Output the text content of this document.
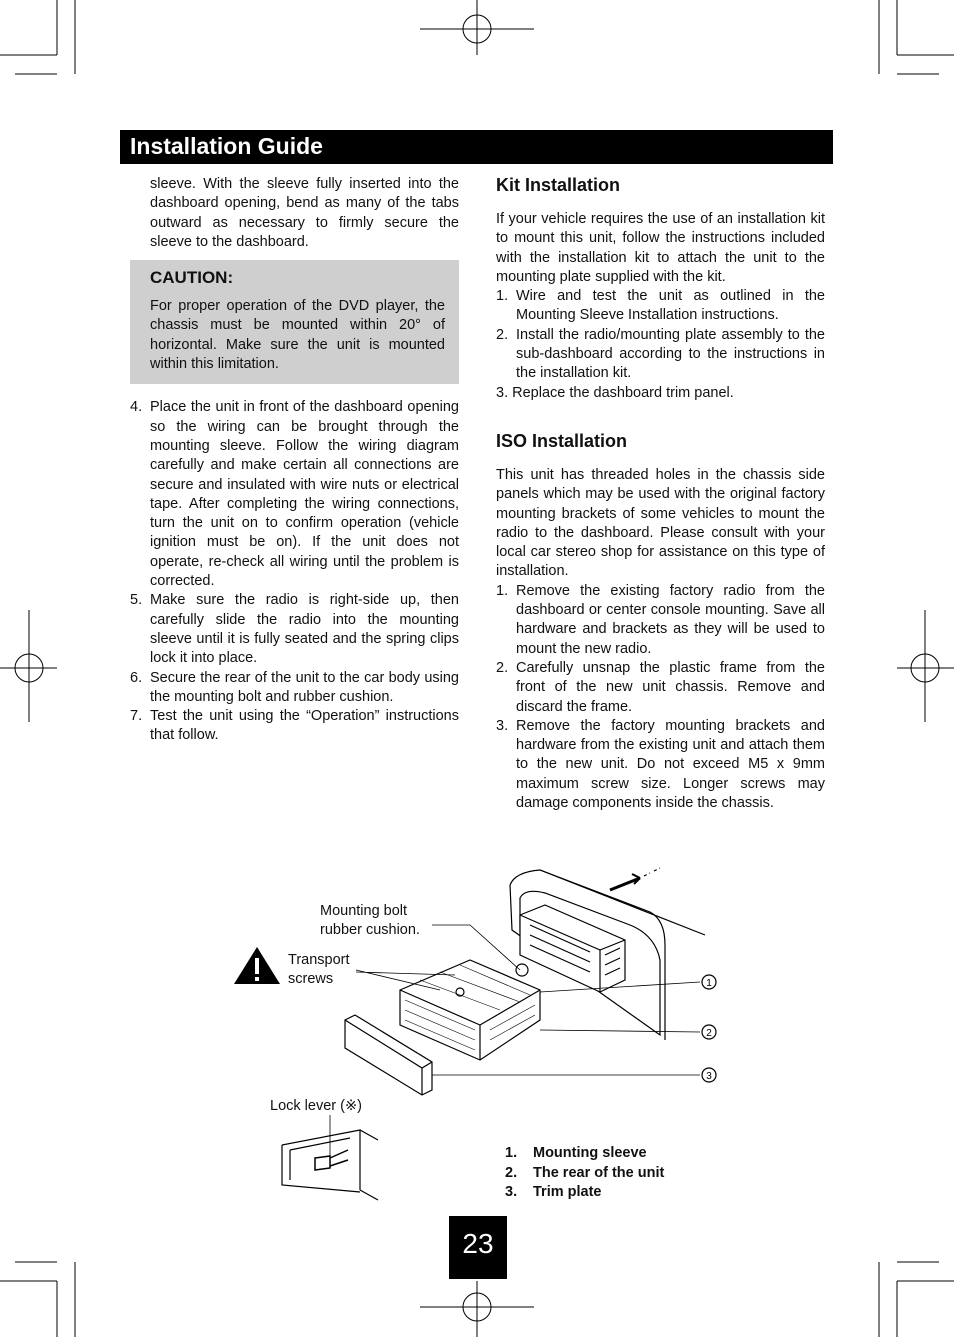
Installation Guide

sleeve. With the sleeve fully inserted into the dashboard opening, bend as many of the tabs outward as necessary to firmly secure the sleeve to the dashboard.

CAUTION:

For proper operation of the DVD player, the chassis must be mounted within 20° of horizontal. Make sure the unit is mounted within this limitation.

4. Place the unit in front of the dashboard opening so the wiring can be brought through the mounting sleeve. Follow the wiring diagram carefully and make certain all connections are secure and insulated with wire nuts or electrical tape. After completing the wiring connections, turn the unit on to confirm operation (vehicle ignition must be on). If the unit does not operate, re-check all wiring until the problem is corrected.
5. Make sure the radio is right-side up, then carefully slide the radio into the mounting sleeve until it is fully seated and the spring clips lock it into place.
6. Secure the rear of the unit to the car body using the mounting bolt and rubber cushion.
7. Test the unit using the “Operation” instructions that follow.
Kit Installation

If your vehicle requires the use of an installation kit to mount this unit, follow the instructions included with the installation kit to attach the unit to the mounting plate supplied with the kit.

1. Wire and test the unit as outlined in the Mounting Sleeve Installation instructions.
2. Install the radio/mounting plate assembly to the sub-dashboard according to the instructions in the installation kit.
3. Replace the dashboard trim panel.
ISO Installation

This unit has threaded holes in the chassis side panels which may be used with the original factory mounting brackets of some vehicles to mount the radio to the dashboard. Please consult with your local car stereo shop for assistance on this type of installation.

1. Remove the existing factory radio from the dashboard or center console mounting. Save all hardware and brackets as they will be used to mount the new radio.
2. Carefully unsnap the plastic frame from the front of the new unit chassis. Remove and discard the frame.
3. Remove the factory mounting brackets and hardware from the existing unit and attach them to the new unit. Do not exceed M5 x 9mm maximum screw size. Longer screws may damage components inside the chassis.
1
2
3
Mounting bolt
rubber cushion.
Transport
screws
Lock lever (※)
1. Mounting sleeve
2. The rear of the unit
3. Trim plate
23
